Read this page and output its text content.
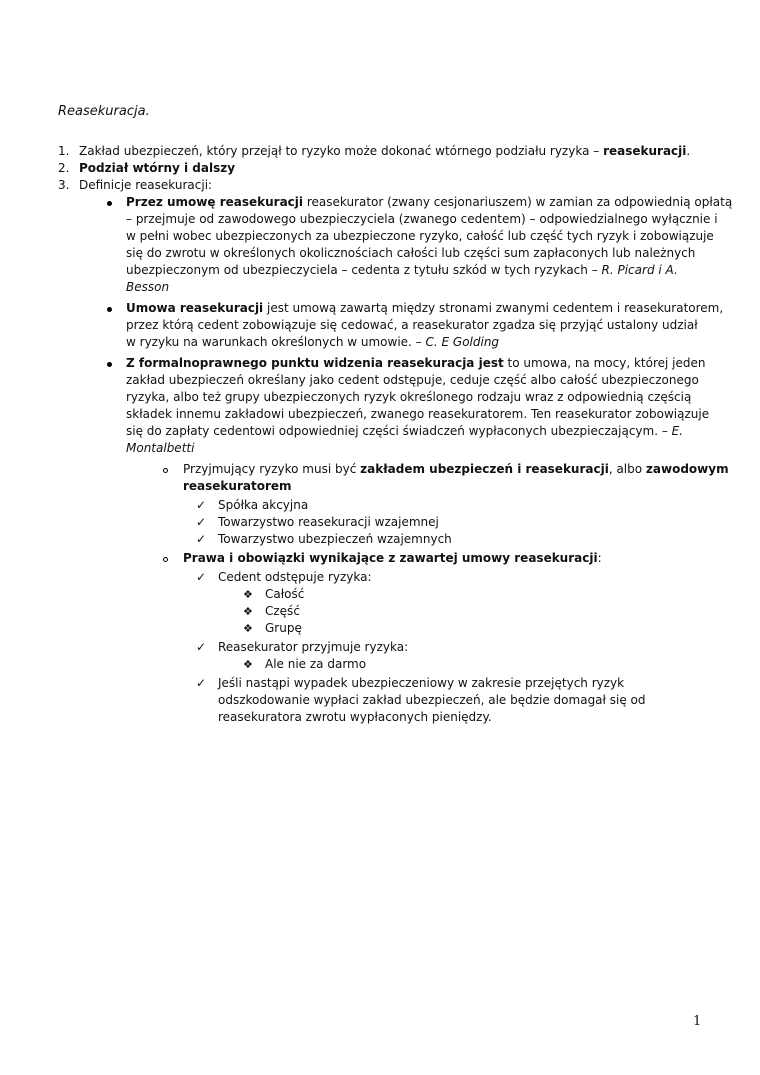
Reasekuracja.
1. Zakład ubezpieczeń, który przejął to ryzyko może dokonać wtórnego podziału ryzyka – reasekuracji.
2. Podział wtórny i dalszy
3. Definicje reasekuracji:
Przez umowę reasekuracji reasekurator (zwany cesjonariuszem) w zamian za odpowiednią opłatą
– przejmuje od zawodowego ubezpieczyciela (zwanego cedentem) – odpowiedzialnego wyłącznie i
w pełni wobec ubezpieczonych za ubezpieczone ryzyko, całość lub część tych ryzyk i zobowiązuje
się do zwrotu w określonych okolicznościach całości lub części sum zapłaconych lub należnych
ubezpieczonym od ubezpieczyciela – cedenta z tytułu szkód w tych ryzykach – R. Picard i A.
Besson
Umowa reasekuracji jest umową zawartą między stronami zwanymi cedentem i reasekuratorem,
przez którą cedent zobowiązuje się cedować, a reasekurator zgadza się przyjąć ustalony udział
w ryzyku na warunkach określonych w umowie. – C. E Golding
Z formalnoprawnego punktu widzenia reasekuracja jest to umowa, na mocy, której jeden
zakład ubezpieczeń określany jako cedent odstępuje, ceduje część albo całość ubezpieczonego
ryzyka, albo też grupy ubezpieczonych ryzyk określonego rodzaju wraz z odpowiednią częścią
składek innemu zakładowi ubezpieczeń, zwanego reasekuratorem. Ten reasekurator zobowiązuje
się do zapłaty cedentowi odpowiedniej części świadczeń wypłaconych ubezpieczającym. – E.
Montalbetti
Przyjmujący ryzyko musi być zakładem ubezpieczeń i reasekuracji, albo zawodowym
reasekuratorem
✓ Spółka akcyjna
✓ Towarzystwo reasekuracji wzajemnej
✓ Towarzystwo ubezpieczeń wzajemnych
Prawa i obowiązki wynikające z zawartej umowy reasekuracji:
✓ Cedent odstępuje ryzyka:
❖ Całość
❖ Część
❖ Grupę
✓ Reasekurator przyjmuje ryzyka:
❖ Ale nie za darmo
✓ Jeśli nastąpi wypadek ubezpieczeniowy w zakresie przejętych ryzyk
odszkodowanie wypłaci zakład ubezpieczeń, ale będzie domagał się od
reasekuratora zwrotu wypłaconych pieniędzy.
1
